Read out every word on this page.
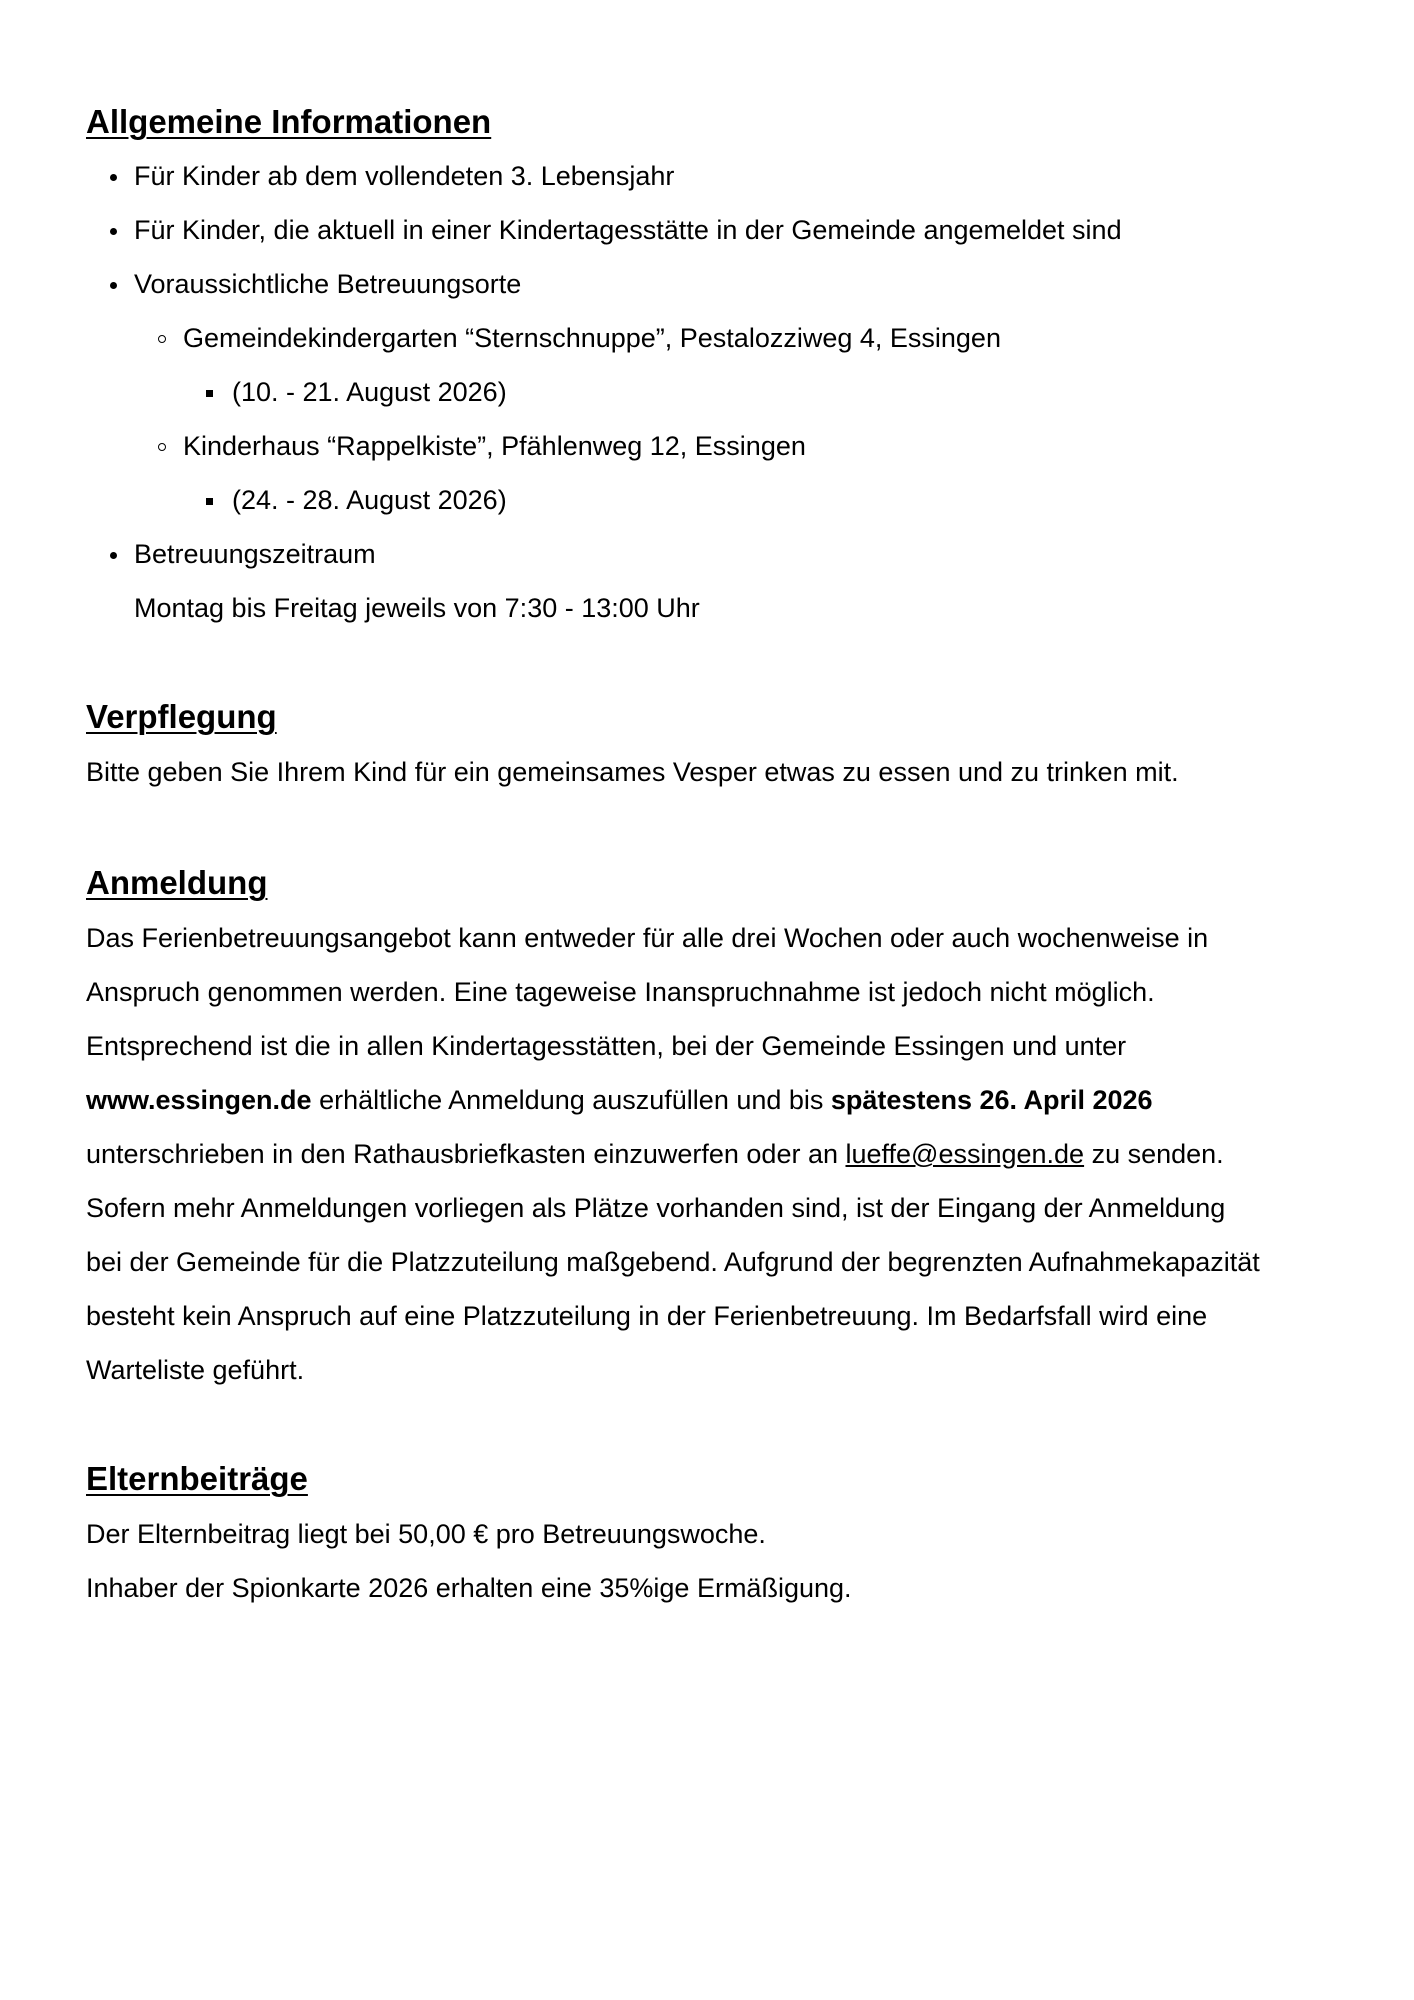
Allgemeine Informationen
Für Kinder ab dem vollendeten 3. Lebensjahr
Für Kinder, die aktuell in einer Kindertagesstätte in der Gemeinde angemeldet sind
Voraussichtliche Betreuungsorte
Gemeindekindergarten “Sternschnuppe”, Pestalozziweg 4, Essingen
(10. - 21. August 2026)
Kinderhaus “Rappelkiste”, Pfählenweg 12, Essingen
(24. - 28. August 2026)
Betreuungszeitraum
Montag bis Freitag jeweils von 7:30 - 13:00 Uhr
Verpflegung
Bitte geben Sie Ihrem Kind für ein gemeinsames Vesper etwas zu essen und zu trinken mit.
Anmeldung
Das Ferienbetreuungsangebot kann entweder für alle drei Wochen oder auch wochenweise in
Anspruch genommen werden. Eine tageweise Inanspruchnahme ist jedoch nicht möglich.
Entsprechend ist die in allen Kindertagesstätten, bei der Gemeinde Essingen und unter
www.essingen.de erhältliche Anmeldung auszufüllen und bis spätestens 26. April 2026
unterschrieben in den Rathausbriefkasten einzuwerfen oder an lueffe@essingen.de zu senden.
Sofern mehr Anmeldungen vorliegen als Plätze vorhanden sind, ist der Eingang der Anmeldung
bei der Gemeinde für die Platzzuteilung maßgebend. Aufgrund der begrenzten Aufnahmekapazität
besteht kein Anspruch auf eine Platzzuteilung in der Ferienbetreuung. Im Bedarfsfall wird eine
Warteliste geführt.
Elternbeiträge
Der Elternbeitrag liegt bei 50,00 € pro Betreuungswoche.
Inhaber der Spionkarte 2026 erhalten eine 35%ige Ermäßigung.
